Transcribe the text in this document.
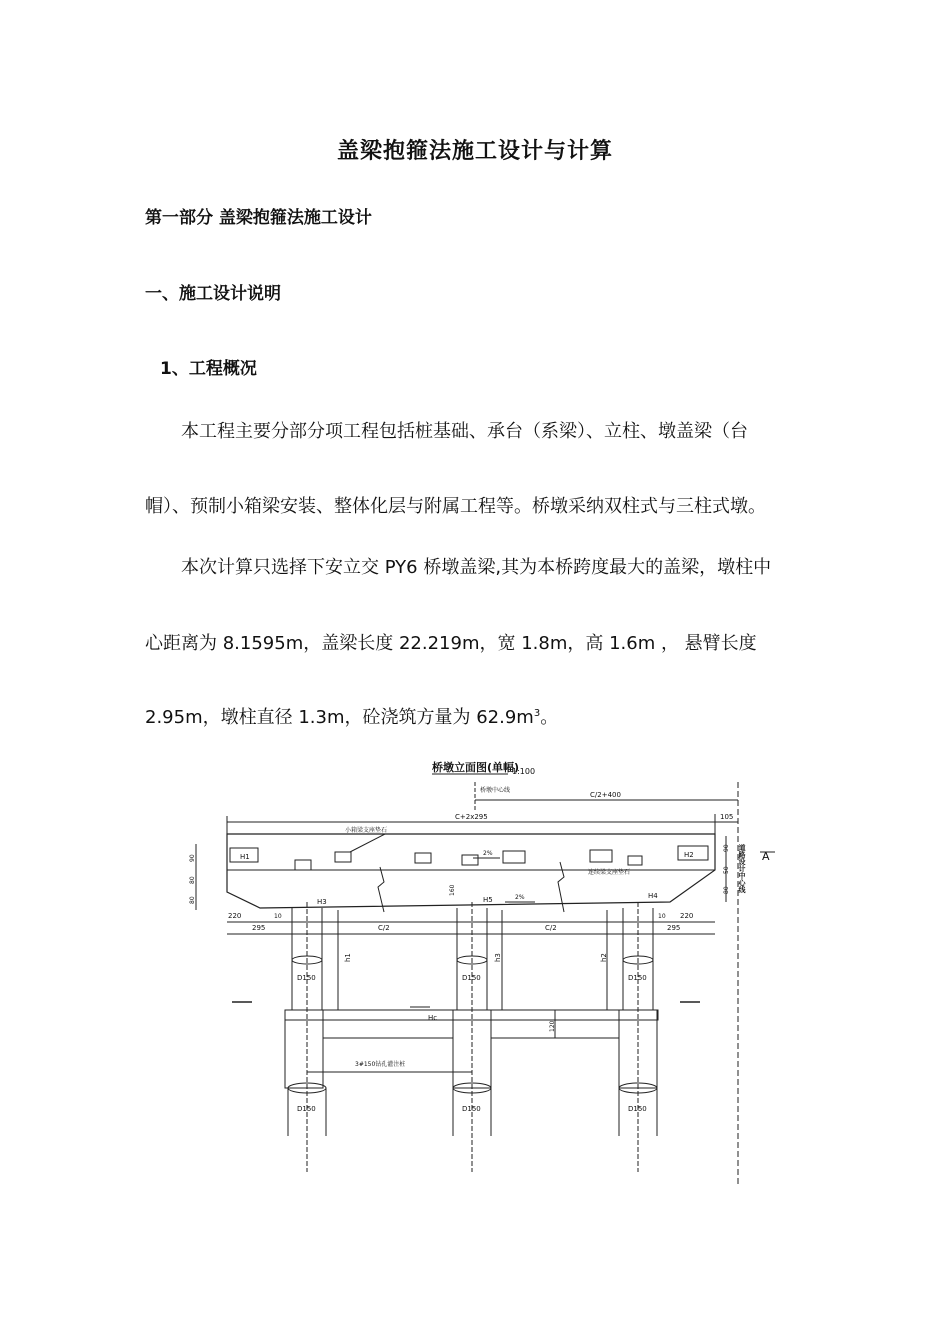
盖梁抱箍法施工设计与计算
第一部分 盖梁抱箍法施工设计
一、施工设计说明
1、工程概况
本工程主要分部分项工程包括桩基础、承台（系梁）、立柱、墩盖梁（台
帽）、预制小箱梁安装、整体化层与附属工程等。桥墩采纳双柱式与三柱式墩。
本次计算只选择下安立交 PY6 桥墩盖梁,其为本桥跨度最大的盖梁，墩柱中
心距离为 8.1595m，盖梁长度 22.219m，宽 1.8m，高 1.6m ， 悬臂长度
2.95m，墩柱直径 1.3m，砼浇筑方量为 $62.9m^3$。
桥墩立面图(单幅)
1:100
桥墩中心线
C/2+400
C+2x295	105
H1	H2
小箱梁支座垫石
连续梁支座垫石
2%
2%
90
80
80
160
90
50
80 道路设计中心线 A
H3	H5	H4
220	10	10 220
295	C/2	C/2	295
D150	D150	D150
h1	h3	h2
Hc
120
3#150钻孔灌注桩
D150	D150	D150
